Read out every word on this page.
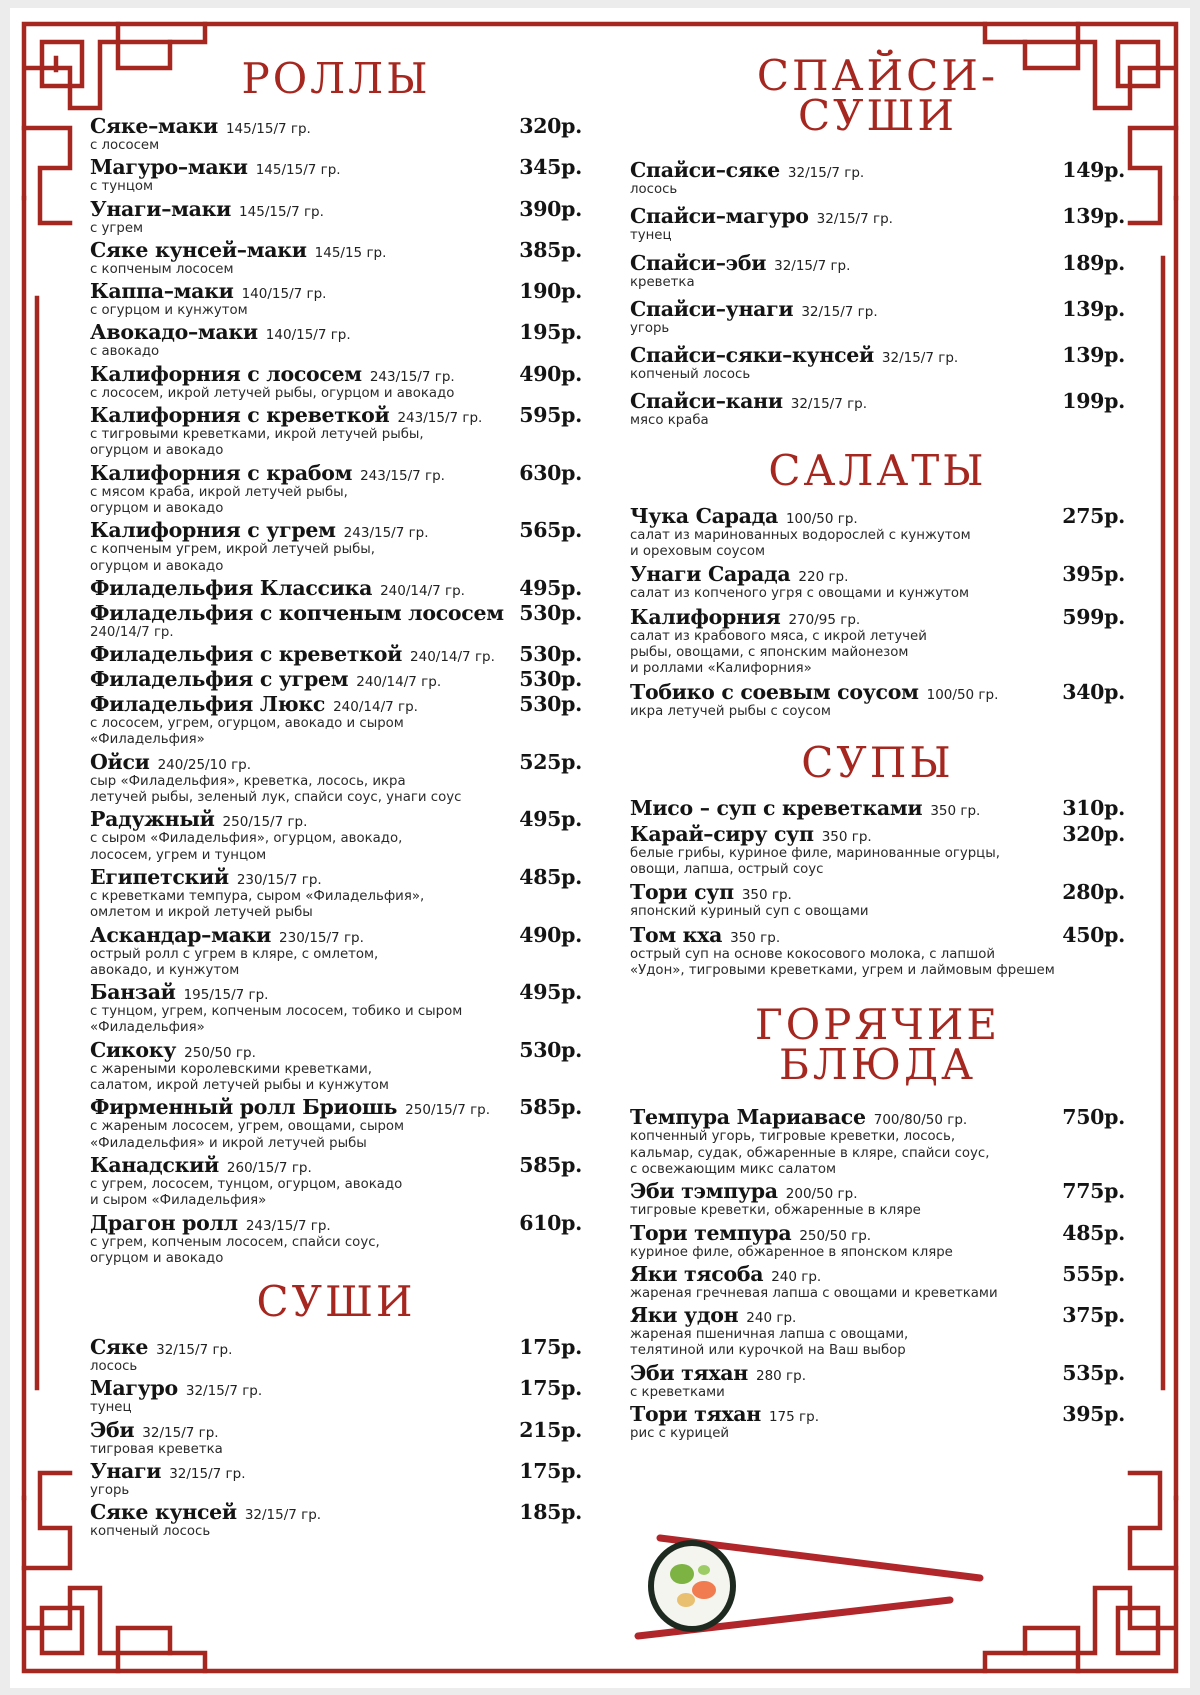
РОЛЛЫ
Сяке–маки 145/15/7 гр.	320р.
с лососем
Магуро–маки 145/15/7 гр.	345р.
с тунцом
Унаги–маки 145/15/7 гр.	390р.
с угрем
Сяке кунсей–маки 145/15 гр.	385р.
с копченым лососем
Каппа–маки 140/15/7 гр.	190р.
с огурцом и кунжутом
Авокадо–маки 140/15/7 гр.	195р.
с авокадо
Калифорния с лососем 243/15/7 гр.	490р.
с лососем, икрой летучей рыбы, огурцом и авокадо
Калифорния с креветкой 243/15/7 гр. 595р.
с тигровыми креветками, икрой летучей рыбы,
огурцом и авокадо
Калифорния с крабом 243/15/7 гр.	630р.
с мясом краба, икрой летучей рыбы,
огурцом и авокадо
Калифорния с угрем 243/15/7 гр.	565р.
с копченым угрем, икрой летучей рыбы,
огурцом и авокадо
Филадельфия Классика 240/14/7 гр.	495р.
Филадельфия с копченым лососем 530р.
240/14/7 гр.
Филадельфия с креветкой 240/14/7 гр. 530р.
Филадельфия с угрем 240/14/7 гр.	530р.
Филадельфия Люкс 240/14/7 гр.	530р.
с лососем, угрем, огурцом, авокадо и сыром
«Филадельфия»
Ойси 240/25/10 гр.	525р.
сыр «Филадельфия», креветка, лосось, икра
летучей рыбы, зеленый лук, спайси соус, унаги соус
Радужный 250/15/7 гр.	495р.
с сыром «Филадельфия», огурцом, авокадо,
лососем, угрем и тунцом
Египетский 230/15/7 гр.	485р.
с креветками темпура, сыром «Филадельфия»,
омлетом и икрой летучей рыбы
Аскандар–маки 230/15/7 гр.	490р.
острый ролл с угрем в кляре, с омлетом,
авокадо, и кунжутом
Банзай 195/15/7 гр.	495р.
с тунцом, угрем, копченым лососем, тобико и сыром
«Филадельфия»
Сикоку 250/50 гр.	530р.
с жареными королевскими креветками,
салатом, икрой летучей рыбы и кунжутом
Фирменный ролл Бриошь 250/15/7 гр. 585р.
с жареным лососем, угрем, овощами, сыром
«Филадельфия» и икрой летучей рыбы
Канадский 260/15/7 гр.	585р.
с угрем, лососем, тунцом, огурцом, авокадо
и сыром «Филадельфия»
Драгон ролл 243/15/7 гр.	610р.
с угрем, копченым лососем, спайси соус,
огурцом и авокадо
СУШИ
Сяке 32/15/7 гр.	175р.
лосось
Магуро 32/15/7 гр.	175р.
тунец
Эби 32/15/7 гр.	215р.
тигровая креветка
Унаги 32/15/7 гр.	175р.
угорь
Сяке кунсей 32/15/7 гр.	185р.
копченый лосось
СПАЙСИ-
СУШИ
Спайси–сяке 32/15/7 гр.	149р.
лосось
Спайси–магуро 32/15/7 гр.	139р.
тунец
Спайси–эби 32/15/7 гр.	189р.
креветка
Спайси–унаги 32/15/7 гр.	139р.
угорь
Спайси–сяки–кунсей 32/15/7 гр.	139р.
копченый лосось
Спайси–кани 32/15/7 гр.	199р.
мясо краба
САЛАТЫ
Чука Сарада 100/50 гр.	275р.
салат из маринованных водорослей с кунжутом
и ореховым соусом
Унаги Сарада 220 гр.	395р.
салат из копченого угря с овощами и кунжутом
Калифорния 270/95 гр.	599р.
салат из крабового мяса, с икрой летучей
рыбы, овощами, с японским майонезом
и роллами «Калифорния»
Тобико с соевым соусом 100/50 гр.	340р.
икра летучей рыбы с соусом
СУПЫ
Мисо – суп с креветками 350 гр.	310р.
Карай–сиру суп 350 гр.	320р.
белые грибы, куриное филе, маринованные огурцы,
овощи, лапша, острый соус
Тори суп 350 гр.	280р.
японский куриный суп с овощами
Том кха 350 гр.	450р.
острый суп на основе кокосового молока, с лапшой
«Удон», тигровыми креветками, угрем и лаймовым фрешем
ГОРЯЧИЕ
БЛЮДА
Темпура Мариавасе 700/80/50 гр.	750р.
копченный угорь, тигровые креветки, лосось,
кальмар, судак, обжаренные в кляре, спайси соус,
с освежающим микс салатом
Эби тэмпура 200/50 гр.	775р.
тигровые креветки, обжаренные в кляре
Тори темпура 250/50 гр.	485р.
куриное филе, обжаренное в японском кляре
Яки тясоба 240 гр.	555р.
жареная гречневая лапша с овощами и креветками
Яки удон 240 гр.	375р.
жареная пшеничная лапша с овощами,
телятиной или курочкой на Ваш выбор
Эби тяхан 280 гр.	535р.
с креветками
Тори тяхан 175 гр.	395р.
рис с курицей
